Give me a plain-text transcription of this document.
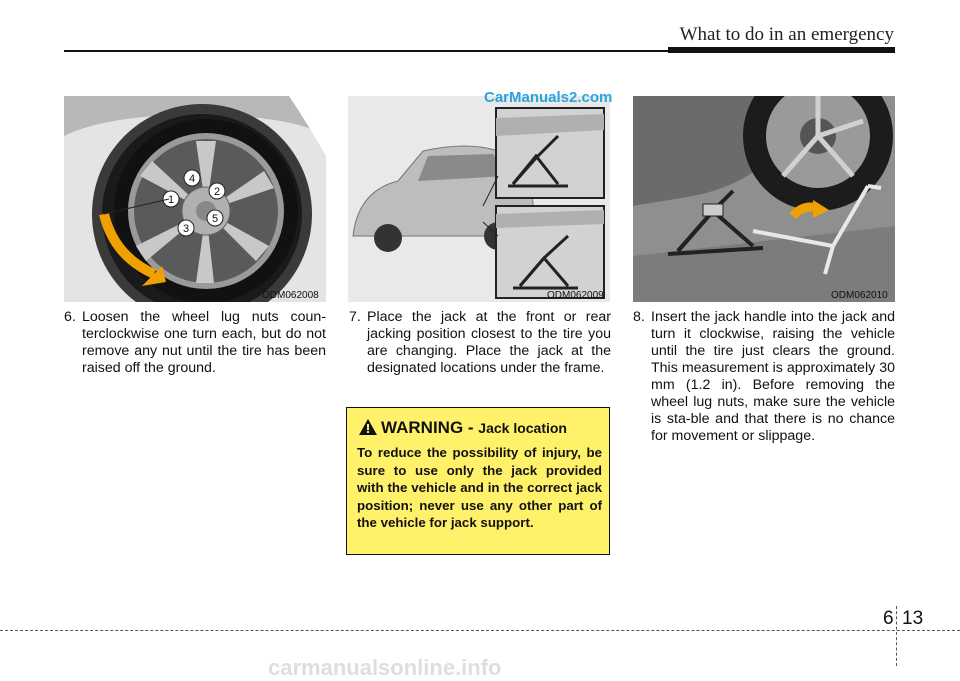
What to do in an emergency
1
2
3
4
5
ODM062008
CarManuals2.com
ODM062009	ODM062010
6. Loosen the wheel lug nuts coun-terclockwise one turn each, but do not remove any nut until the tire has been raised off the ground.
7. Place the jack at the front or rear jacking position closest to the tire you are changing. Place the jack at the designated locations under the frame.
8. Insert the jack handle into the jack and turn it clockwise, raising the vehicle until the tire just clears the ground. This measurement is approximately 30 mm (1.2 in). Before removing the wheel lug nuts, make sure the vehicle is sta-ble and that there is no chance for movement or slippage.
WARNING - Jack location
To reduce the possibility of injury, be sure to use only the jack provided with the vehicle and in the correct jack position; never use any other part of the vehicle for jack support.
6 13
carmanualsonline.info
